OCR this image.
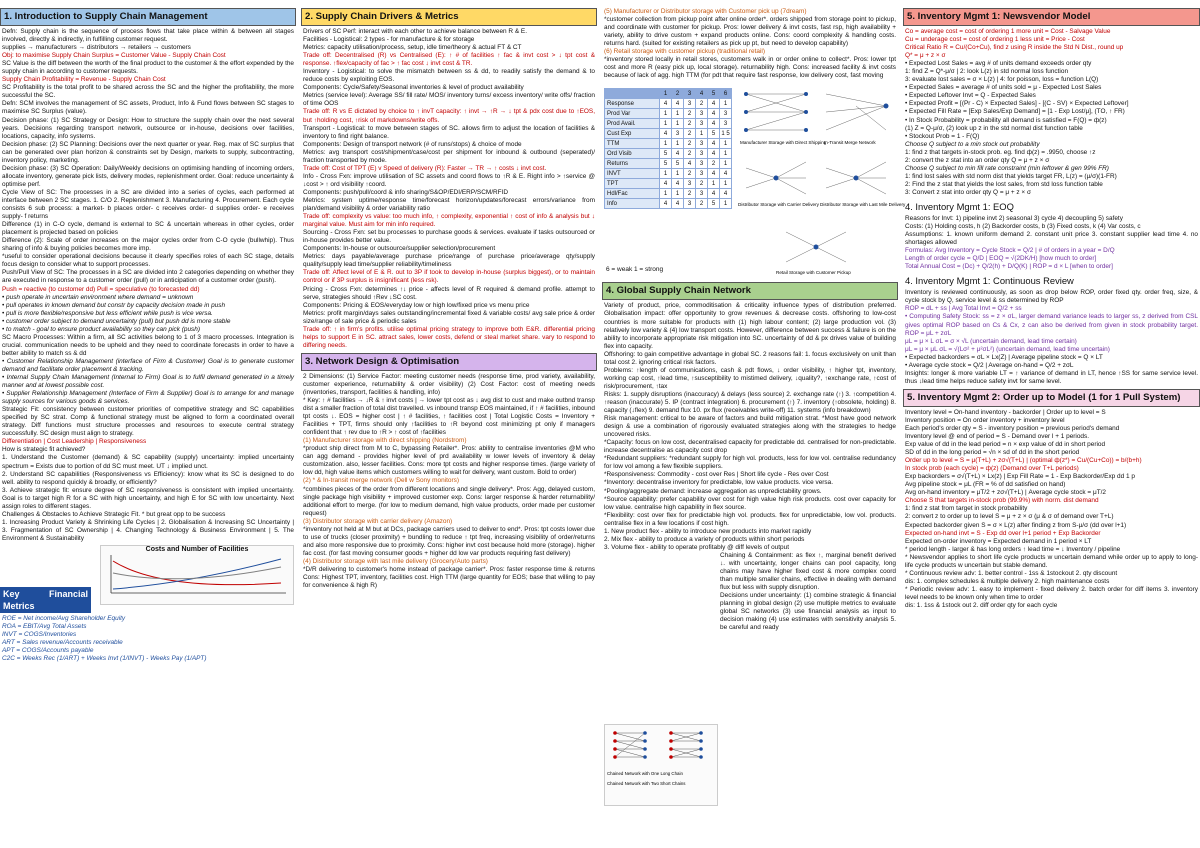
1. Introduction to Supply Chain Management

Defn: Supply chain is the sequence of process flows that take place within & between all stages involved, directly & indirectly, in fulfilling customer request.

supplies → manufacturers → distributors → retailers → customers

Obj: to maximise Supply Chain Surplus = Customer Value - Supply Chain Cost

SC Value is the diff between the worth of the final product to the customer & the effort expended by the supply chain in according to customer requests.

Supply Chain Profitability = Revenue - Supply Chain Cost

SC Profitability is the total profit to be shared across the SC and the higher the profitability, the more successful the SC.

Defn: SCM involves the management of SC assets, Product, Info & Fund flows between SC stages to maximise SC Surplus (value).

Decision phase: (1) SC Strategy or Design: How to structure the supply chain over the next several years. Decisions regarding transport network, outsource or in-house, decisions over facilities, locations, capacity, info systems.

Decision phase: (2) SC Planning: Decisions over the next quarter or year. Reg. max of SC surplus that can be generated over plan horizon & constraints set by Design, markets to supply, subcontracting, inventory policy, marketing.

Decision phase: (3) SC Operation: Daily/Weekly decisions on optimising handling of incoming orders, allocate inventory, generate pick lists, delivery modes, replenishment order. Goal: reduce uncertainty & optimise perf.

Cycle View of SC: The processes in a SC are divided into a series of cycles, each performed at interface between 2 SC stages. 1. C/O 2. Replenishment 3. Manufacturing 4. Procurement. Each cycle consists 6 sub process: a market- b places order- c receives order- d supplies order- e receives supply- f returns

Difference (1) in C-O cycle, demand is external to SC & uncertain whereas in other cycles, order placement is projected based on policies

Difference (2): Scale of order increases on the major cycles order from C-O cycle (bullwhip). Thus sharing of info & buying policies becomes more imp.

*useful to consider operational decisions because it clearly specifies roles of each SC stage, details focus design to consider what to support processes.

Push/Pull View of SC: The processes in a SC are divided into 2 categories depending on whether they are executed in response to a customer order (pull) or in anticipation of a customer order (push).

Push = reactive (to customer dd) Pull = speculative (to forecasted dd)

• push operate in uncertain environment where demand = unknown

• pull operates in known demand but constr by capacity decision made in push

• pull is more flexible/responsive but less efficient while push is vice versa.

• customer order subject to demand uncertainty (pull) but push dd is more stable

• to match - goal to ensure product availability so they can pick (push)

SC Macro Processes: Within a firm, all SC activities belong to 1 of 3 macro processes. Integration is crucial. communication needs to be upheld and they need to coordinate forecasts in order to have a better ability to match ss & dd

• Customer Relationship Management (interface of Firm & Customer) Goal is to generate customer demand and facilitate order placement & tracking.

• Internal Supply Chain Management (Internal to Firm) Goal is to fulfil demand generated in a timely manner and at lowest possible cost.

• Supplier Relationship Management (Interface of Firm & Supplier) Goal is to arrange for and manage supply sources for various goods & services.

Strategic Fit: consistency between customer priorities of competitive strategy and SC capabilities specified by SC strat. Comp & functional strategy must be aligned to form a coordinated overall strategy. Diff functions must structure processes and resources to execute central strategy successfully. SC design must align to strategy.

Differentiation | Cost Leadership | Responsiveness

How is strategic fit achieved?

1. Understand the Customer (demand) & SC capability (supply) uncertainty: implied uncertainty spectrum = Exists due to portion of dd SC must meet. UT ↓ implied unct.

2. Understand SC capabilities (Responsiveness vs Efficiency): know what its SC is designed to do well. ability to respond quickly & broadly, or efficiently?

3. Achieve strategic fit: ensure degree of SC responsiveness is consistent with implied uncertainty. Goal is to target high R for a SC with high uncertainty, and high E for SC with low uncertainty. Next assign roles to different stages.

Challenges & Obstacles to Achieve Strategic Fit. * but great opp to be success

1. Increasing Product Variety & Shrinking Life Cycles | 2. Globalisation & Increasing SC Uncertainty | 3. Fragmentation of SC Ownership | 4. Changing Technology & Business Environment | 5. The Environment & Sustainability

Costs and Number of Facilities

Key Financial Metrics

ROE = Net income/Avg Shareholder Equity

ROA = EBIT/Avg Total Assets

INVT = COGS/Inventories

ART = Sales revenue/Accounts receivable

APT = COGS/Accounts payable

C2C = Weeks Rec (1/ART) + Weeks Invt (1/INVT) - Weeks Pay (1/APT)

2. Supply Chain Drivers & Metrics

Drivers of SC Perf: interact with each other to achieve balance between R & E.

Facilities - Logistical: 2 types - for manufacture & for storage

Metrics: capacity utilisation/process, setup, idle time/theory & actual FT & CT

Trade off: Decentralised (R) vs Centralised (E): ↑ # of facilities ↑ fac & invt cost > ↓ tpt cost & response. ↑flex/capacity of fac > ↑ fac cost ↓ invt cost & TR.

Inventory - Logistical: to solve the mismatch between ss & dd, to readily satisfy the demand & to reduce costs by exploiting EOS.

Components: Cycle/Safety/Seasonal inventories & level of product availability

Metrics (service level): Average SS/ fill rate/ MOS/ inventory turns/ excess inventory/ write offs/ fraction of time OOS

Trade off: R vs E dictated by choice to ↑ invT capacity: ↑ invt → ↑R → ↓ tpt & pdx cost due to ↑EOS, but ↑holding cost, ↑risk of markdowns/write offs.

Transport - Logistical: to move between stages of SC. allows firm to adjust the location of facilities & inventory to find right balance.

Components: Design of transport network (# of runs/stops) & choice of mode

Metrics: avg transport cost/shipment/case/cost per shipment for inbound & outbound (seperated)/ fraction transported by mode.

Trade off: Cost of TPT (E) v Speed of delivery (R): Faster → TR → ↑ costs ↓ invt cost.

Info - Cross Fxn: improve utilisation of SC assets and coord flows to ↑R & E. Right info > ↑service @ ↓cost > ↑ ord visibility ↑coord.

Components: push/pull/coord & info sharing/S&OP/EDI/ERP/SCM/RFID

Metrics: system uptime/response time/forecast horizon/updates/forecast errors/variance from plan/demand visibility & order variability ratio

Trade off: complexity vs value: too much info, ↑ complexity, exponential ↑ cost of info & analysis but ↓ marginal value. Must aim for min info required.

Sourcing - Cross Fxn: set bu processes to purchase goods & services. evaluate if tasks outsourced or in-house provides better value.

Components: In-house or outsource/supplier selection/procurement

Metrics: days payable/average purchase price/range of purchase price/average qty/supply quality/supply lead time/supplier reliability/timeliness

Trade off: Affect level of E & R. out to 3P if took to develop in-house (surplus biggest), or to maintain control or if 3P surplus is insignificant (less rsk).

Pricing - Cross Fxn: determines ↑↓ price - affects level of R required & demand profile. attempt to serve, strategies should ↑Rev ↓SC cost.

Components: Pricing & EOS/everyday low or high low/fixed price vs menu price

Metrics: profit margin/days sales outstanding/incremental fixed & variable costs/ avg sale price & order size/range of sale price & periodic sales

Trade off: ↑ in firm's profits. utilise optimal pricing strategy to improve both E&R. differential pricing helps to support E in SC. attract sales, lower costs, defend or steal market share. vary to respond to differing needs.

3. Network Design & Optimisation

2 Dimensions: (1) Service Factor: meeting customer needs (response time, prod variety, availability, customer experience, returnability & order visibility) (2) Cost Factor: cost of meeting needs (inventories, transport, facilities & handling, info)

* Key: ↑ # facilities → ↓R & ↑ invt costs | → lower tpt cost as ↓ avg dist to cust and make outbnd transp dist a smaller fraction of total dist travelled. vs inbound transp EOS maintained, if ↑ # facilities, inbound tpt costs ↓. EOS = higher cost | ↑ # facilities, ↑ facilities cost | Total Logistic Costs = Inventory + Facilities + TPT, firms should only ↑facilities to ↑R beyond cost minimizing pt only if managers confident that ↑ rev due to ↑R > ↑ cost of ↑facilities

(1) Manufacturer storage with direct shipping (Nordstrom)

*product ship direct from M to C, bypassing Retailer*. Pros: ability to centralise inventories @M who can agg demand - provides higher level of prd availability w lower levels of inventory & delay customization. also, lesser facilities. Cons: more tpt costs and higher response times. (large variety of low dd, high value items which customers willing to wait for delivery, want custom. Bold to order)

(2) * & In-transit merge network (Dell w Sony monitors)

*combines pieces of the order from different locations and single delivery*. Pros: Agg, delayed custom, single package high visibility + improved customer exp. Cons: larger response & harder returnability/ additional effort to merge. (for low to medium demand, high value products, order made per customer request)

(3) Distributor storage with carrier delivery (Amazon)

*inventory not held at M but at DCs, package carriers used to deliver to end*. Pros: tpt costs lower due to use of trucks (closer proximity) + bundling to reduce ↑ tpt freq, increasing visibility of order/returns and also more responsive due to proximity. Cons: higher invt cost because hold more (storage). higher fac cost. (for fast moving consumer goods + higher dd low var products requiring fast delivery)

(4) Distributor storage with last mile delivery (Grocery/Auto parts)

*D/R delivering to customer's home instead of package carrier*. Pros: faster response time & returns Cons: Highest TPT, inventory, facilities cost. High TTM (large quantity for EOS; base that willing to pay for convenience & high R)

(5) Manufacturer or Distributor storage with Customer pick up (7dream)

*customer collection from pickup point after online order*. orders shipped from storage point to pickup, and coordinate with customer for pickup. Pros: lower delivery & invt costs, fast rsp, high availability + variety, ability to drive custom + expand products online. Cons: coord complexity & handling costs. returns hard. (suited for existing retailers as pick up pt, but need to develop capability)

(6) Retail storage with customer pickup (traditional retail)

*inventory stored locally in retail stores, customers walk in or order online to collect*. Pros: lower tpt cost and more R (easy pick up, local storage). returnability high. Cons: increased facility & invt costs because of lack of agg. high TTM (for pdt that require fast response, low delivery cost, fast moving

	1	2	3	4	5	6
Response	4	4	3	2	4	1
Prod Var	1	1	2	3	4	3
Prod Avail.	1	1	2	3	4	3
Cust Exp	4	3	2	1	5	1 5
TTM	1	1	2	3	4	1
Ord Visib	5	4	2	3	4	1
Returns	5	5	4	3	2	1
INVT	1	1	2	3	4	4
TPT	4	4	3	2	1	1
Hdl/Fac	1	1	2	3	4	4
Info	4	4	3	2	5	1
6 = weak 1 = strong
Manufacturer Storage with Direct Shipping
In-Transit Merge Network
Distributor Storage with Carrier Delivery Distributor Storage with Last Mile Delivery
Retail Storage with Customer Pickup
4. Global Supply Chain Network

Variety of product, price, commoditisation & criticality influence types of distribution preferred. Globalisation impact: offer opportunity to grow revenues & decrease costs. offshoring to low-cost countries is more suitable for products with (1) high labour content; (2) large production vol. (3) relatively low variety & (4) low transport costs. However, difference between success & failure is on the ability to incorporate appropriate risk mitigation into SC. uncertainty of dd & px drives value of building flex into capacity.

Offshoring: to gain competitive advantage in global SC. 2 reasons fail: 1. focus exclusively on unit than total cost 2. ignoring critical risk factors.

Problems: ↑length of communications, cash & pdt flows, ↓ order visibility, ↑ higher tpt, inventory, working cap cost, ↑lead time, ↑susceptibility to mistimed delivery, ↓quality?, ↑exchange rate, ↑cost of risk/procurement, ↑tax

Risks: 1. supply disruptions (inaccuracy) & delays (less source) 2. exchange rate (↑) 3. ↑competition 4. ↑reason (inaccurate) 5. IP (contract integration) 6. procurement (↑) 7. inventory (↑obsolete, holding) 8. capacity (↓flex) 9. demand flux 10. px flux (receivables write-off) 11. systems (info breakdown)

Risk management: critical to be aware of factors and build mitigation strat. *Most have good network design & use a combination of rigorously evaluated strategies along with the strategies to hedge uncovered risks.

*Capacity: focus on low cost, decentralised capacity for predictable dd. centralised for non-predictable. increase decentralise as capacity cost drop

*Redundant suppliers: *redundant supply for high vol. products, less for low vol. centralise redundancy for low vol among a few flexible suppliers.

*Responsiveness: Commodity - cost over Res | Short life cycle - Res over Cost

*Inventory: decentralise inventory for predictable, low value products. vice versa.

*Pooling/aggregate demand: increase aggregation as unpredictability grows.

*Source capability: prefer capability over cost for high value high risk products. cost over capacity for low value. centralise high capability in flex source.

*Flexibility: cost over flex for predictable high vol. products. flex for unpredictable, low vol. products. centralise flex in a few locations if cost high.

1. New product flex - ability to introduce new products into market rapidly

2. Mix flex - ability to produce a variety of products within short periods

3. Volume flex - ability to operate profitably @ diff levels of output

Chaining & Containment: as flex ↑, marginal benefit derived ↓. with uncertainty, longer chains can pool capacity, long chains may have higher fixed cost & more complex coord than multiple smaller chains, effective in dealing with demand flux but less with supply disruption.

Decisions under uncertainty: (1) combine strategic & financial planning in global design (2) use multiple metrics to evaluate global SC networks (3) use financial analysis as input to decision making (4) use estimates with sensitivity analysis 5. be careful and ready

Chained Network with One Long Chain
Chained Network with Two Short Chains
5. Inventory Mgmt 1: Newsvendor Model

Co = average cost = cost of ordering 1 more unit = Cost - Salvage Value

Cu = underage cost = cost of ordering 1 less unit = Price - Cost

Critical Ratio R = Cu/(Co+Cu), find z using R inside the Std N Dist., round up

Q* = μ + z × σ

• Expected Lost Sales = avg # of units demand exceeds order qty

1: find Z = Q*-μ/σ | 2: look L(z) in std normal loss function

3: evaluate lost sales = σ × L(z) | 4: for poisson, loss = function L(Q)

• Expected Sales = average # of units sold = μ - Expected Lost Sales

• Expected Leftover Invt = Q - Expected Sales

• Expected Profit = [(Pr - C) × Expected Sales] - [(C - SV) × Expected Leftover]

• Expected Fill Rate = [Exp Sales/Exp Demand] = [1 - Exp Lost/μ], (TO, ↑ FR)

• In Stock Probability = probability all demand is satisfied = F(Q) = ф(z)

(1) Z = Q-μ/σ, (2) look up z in the std normal dist function table

• Stockout Prob = 1 - F(Q)

Choose Q subject to a min stock out probability

1: find z that targets in-stock prob. eg. find ф(z) = .9950, choose ↑z

2: convert the z stat into an order qty Q = μ + z × σ

Choose Q subject to min fill rate constraint (min leftover & gen 99% FR)

1: find lost sales with std norm dist that yields target FR, L(z) = (μ/σ)(1-FR)

2: Find the z stat that yields the lost sales, from std loss function table

3: Convert z stat into order qty Q = μ + z × σ

4. Inventory Mgmt 1: EOQ

Reasons for Invt: 1) pipeline invt 2) seasonal 3) cycle 4) decoupling 5) safety

Costs: (1) Holding costs, h (2) Backorder costs, b (3) Fixed costs, k (4) Var costs, c

Assumptions: 1. known uniform demand 2. constant unit price 3. constant supplier lead time 4. no shortages allowed

Formulas: Avg Inventory = Cycle Stock = Q/2 | # of orders in a year = D/Q

Length of order cycle = Q/D | EOQ = √(2DK/H) [how much to order]

Total Annual Cost = (Dc) + Q/2(h) + D/Q(K) | ROP = d × L [when to order]

4. Inventory Mgmt 1: Continuous Review

Inventory is reviewed continuously, as soon as drop below ROP, order fixed qty. order freq, size, & cycle stock by Q, service level & ss determined by ROP

ROP = dL + ss | Avg Total Invt = Q/2 + ss

• Computing Safety Stock: ss = z × σL, larger demand variance leads to larger ss, z derived from CSL gives optimal ROP based on Cs & Cx, z can also be derived from given in stock probability target. ROP = μL + zσL

μL = μ × L σL = σ × √L (uncertain demand, lead time certain)

μL = μ × μL σL = √(Lσ² + μ²σL²) (uncertain demand, lead time uncertain)

• Expected backorders = σL × Lx(Z) | Average pipeline stock = Q × LT

• Average cycle stock = Q/2 | Average on-hand = Q/2 + zσL

Insights: longer & more variable LT = ↑ variance of demand in LT, hence ↑SS for same service level. thus ↓lead time helps reduce safety invt for same level.

5. Inventory Mgmt 2: Order up to Model (1 for 1 Pull System)

Inventory level = On-hand inventory - backorder | Order up to level = S

Inventory position = On order inventory + inventory level

Each period's order qty = S - inventory position = previous period's demand

Inventory level @ end of period = S - Demand over l + 1 periods.

Exp value of dd in the lead period = n × exp value of dd in short period

SD of dd in the long period = √n × sd of dd in the short period

Order up to level = S = μ(T+L) + zσ√(T+L) | (optimal ф(z*) = Cu/(Cu+Co)) = b/(b+h)

In stock prob (each cycle) = ф(z) (Demand over T+L periods)

Exp backorders = σ√(T+L) × Lx(z) | Exp Fill Rate = 1 - Exp Backorder/Exp dd 1 p

Avg pipeline stock = μL (FR = % of dd satisfied on hand)

Avg on-hand inventory = μT/2 + zσ√(T+L) | Average cycle stock = μT/2

Choose S that targets in-stock prob (99.9%) with norm. dist demand

1: find z stat from target in stock probability

2: convert z to order up to level S = μ + z × σ (μ & σ of demand over T+L)

Expected backorder given S = σ × L(z) after finding z from S-μ/σ (dd over l+1)

Expected on-hand invt = S - Exp dd over l+1 period + Exp Backorder

Expected on-order inventory = Expected demand in 1 period × LT

* period length - larger & has long orders ↑ lead time = ↓ Inventory / pipeline

* Newsvendor applies to short life cycle products w uncertain demand while order up to apply to long-life cycle products w uncertain but stable demand.

* Continuous review adv: 1. better control - 1ss & 1stockout 2. qty discount

dis: 1. complex schedules & multiple delivery 2. high maintenance costs

* Periodic review adv: 1. easy to implement - fixed delivery 2. batch order for diff items 3. inventory level needs to be known only when time to order

dis: 1. 1ss & 1stock out 2. diff order qty for each cycle
